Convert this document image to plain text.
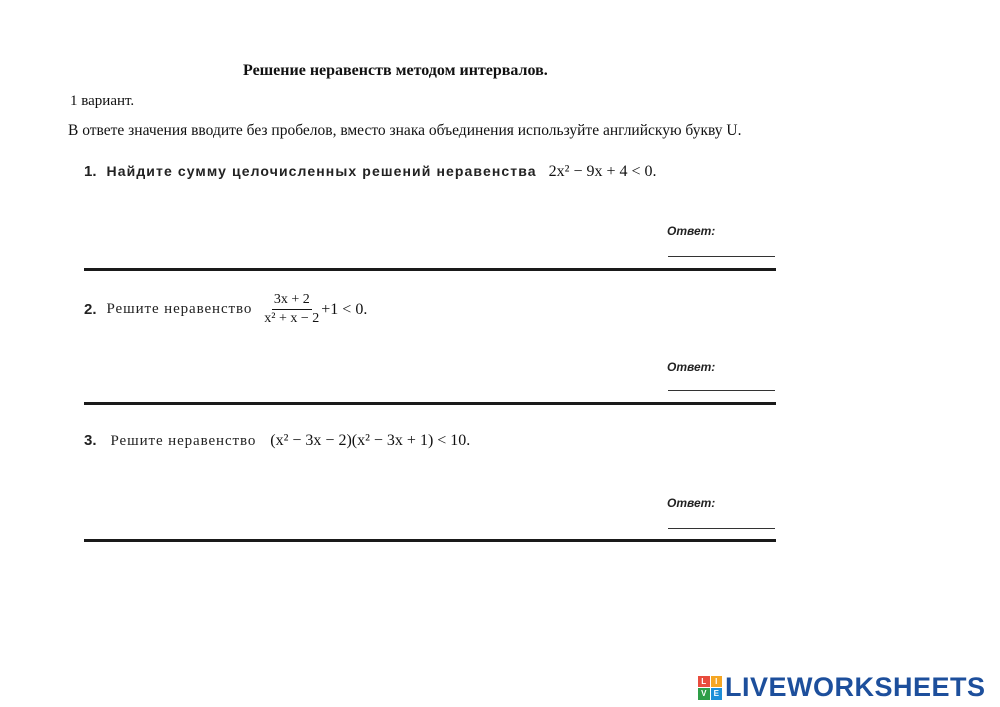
Решение неравенств методом интервалов.
1 вариант.
В ответе значения вводите без пробелов, вместо знака объединения используйте английскую букву U.
1. Найдите сумму целочисленных решений неравенства 2x² − 9x + 4 < 0.
Ответ:
2. Решите неравенство $\frac{3x + 2}{\text{x² + x − 2}} +1 < 0$.
Ответ:
3. Решите неравенство (x² − 3x − 2)(x² − 3x + 1) < 10.
Ответ:
L	I
V E LIVEWORKSHEETS
